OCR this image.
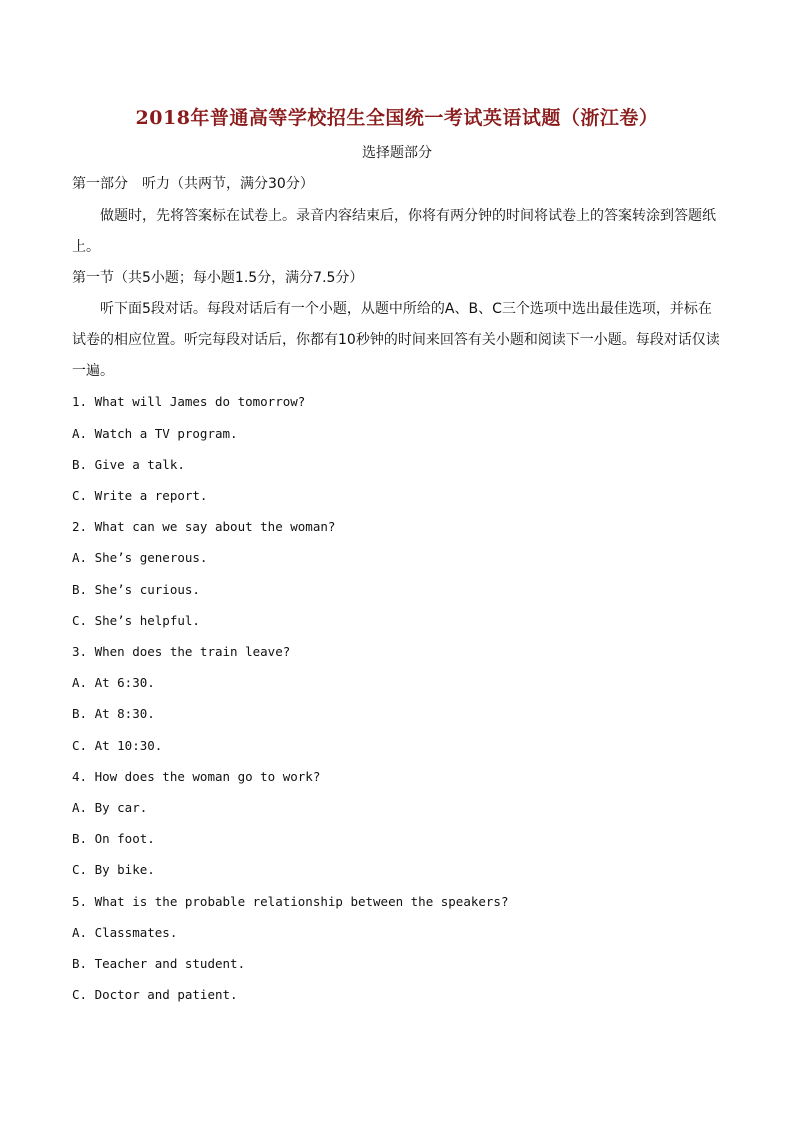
2018年普通高等学校招生全国统一考试英语试题（浙江卷）
选择题部分
第一部分　听力（共两节，满分30分）
做题时，先将答案标在试卷上。录音内容结束后，你将有两分钟的时间将试卷上的答案转涂到答题纸
上。
第一节（共5小题；每小题1.5分，满分7.5分）
听下面5段对话。每段对话后有一个小题，从题中所给的A、B、C三个选项中选出最佳选项，并标在
试卷的相应位置。听完每段对话后，你都有10秒钟的时间来回答有关小题和阅读下一小题。每段对话仅读
一遍。
1. What will James do tomorrow?
A. Watch a TV program.
B. Give a talk.
C. Write a report.
2. What can we say about the woman?
A. She’s generous.
B. She’s curious.
C. She’s helpful.
3. When does the train leave?
A. At 6:30.
B. At 8:30.
C. At 10:30.
4. How does the woman go to work?
A. By car.
B. On foot.
C. By bike.
5. What is the probable relationship between the speakers?
A. Classmates.
B. Teacher and student.
C. Doctor and patient.
